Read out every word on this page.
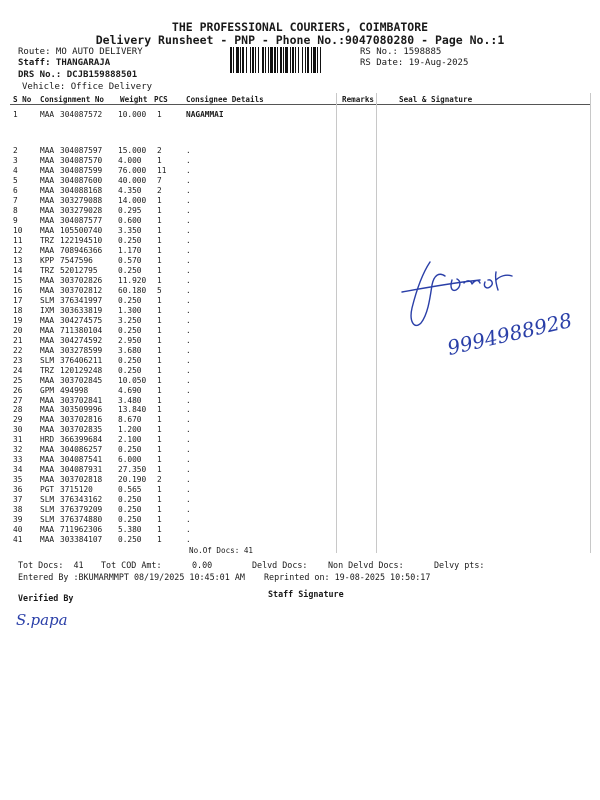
THE PROFESSIONAL COURIERS, COIMBATORE
Delivery Runsheet - PNP - Phone No.:9047080280 - Page No.:1
Route: MO AUTO DELIVERY
Staff: THANGARAJA
DRS No.: DCJB159888501
Vehicle: Office Delivery
RS No.: 1598885
RS Date: 19-Aug-2025
S No Consignment No Weight PCS Consignee Details	Remarks	Seal & Signature
1	MAA 304087572 10.000 1	NAGAMMAI
2	MAA 304087597 15.000 2	.
3	MAA 304087570 4.000 1	.
4	MAA 304087599 76.000 11	.
5	MAA 304087600 40.000 7	.
6	MAA 304088168 4.350 2	.
7	MAA 303279088 14.000 1	.
8	MAA 303279028 0.295 1	.
9	MAA 304087577 0.600 1	.
10 MAA 105500740 3.350 1	.
11 TRZ 122194510 0.250 1	.
12 MAA 708946366 1.170 1	.
13 KPP 7547596	0.570 1	.
14 TRZ 52012795	0.250 1	.
15 MAA 303702826 11.920 1	.
16 MAA 303702812 60.180 5	.
17 SLM 376341997 0.250 1	.
18 IXM 303633819 1.300 1	.
19 MAA 304274575 3.250 1	.
20 MAA 711380104 0.250 1	.
21 MAA 304274592 2.950 1	.
22 MAA 303278599 3.680 1	.
23 SLM 376406211 0.250 1	.
24 TRZ 120129248 0.250 1	.
25 MAA 303702845 10.050 1	.
26 GPM 494998	4.690 1	.
27 MAA 303702841 3.480 1	.
28 MAA 303509996 13.840 1	.
29 MAA 303702816 8.670 1	.
30 MAA 303702835 1.200 1	.
31 HRD 366399684 2.100 1	.
32 MAA 304086257 0.250 1	.
33 MAA 304087541 6.000 1	.
34 MAA 304087931 27.350 1	.
35 MAA 303702818 20.190 2	.
36 PGT 3715120	0.565 1	.
37 SLM 376343162 0.250 1	.
38 SLM 376379209 0.250 1	.
39 SLM 376374880 0.250 1	.
40 MAA 711962306 5.380 1	.
41 MAA 303384107 0.250 1	.
No.Of Docs: 41
9994988928
Tot Docs:  41 Tot COD Amt:	0.00	Delvd Docs: Non Delvd Docs:	Delvy pts:
Entered By :BKUMARMMPT 08/19/2025 10:45:01 AM Reprinted on: 19-08-2025 10:50:17
Verified By	Staff Signature
S.papa
